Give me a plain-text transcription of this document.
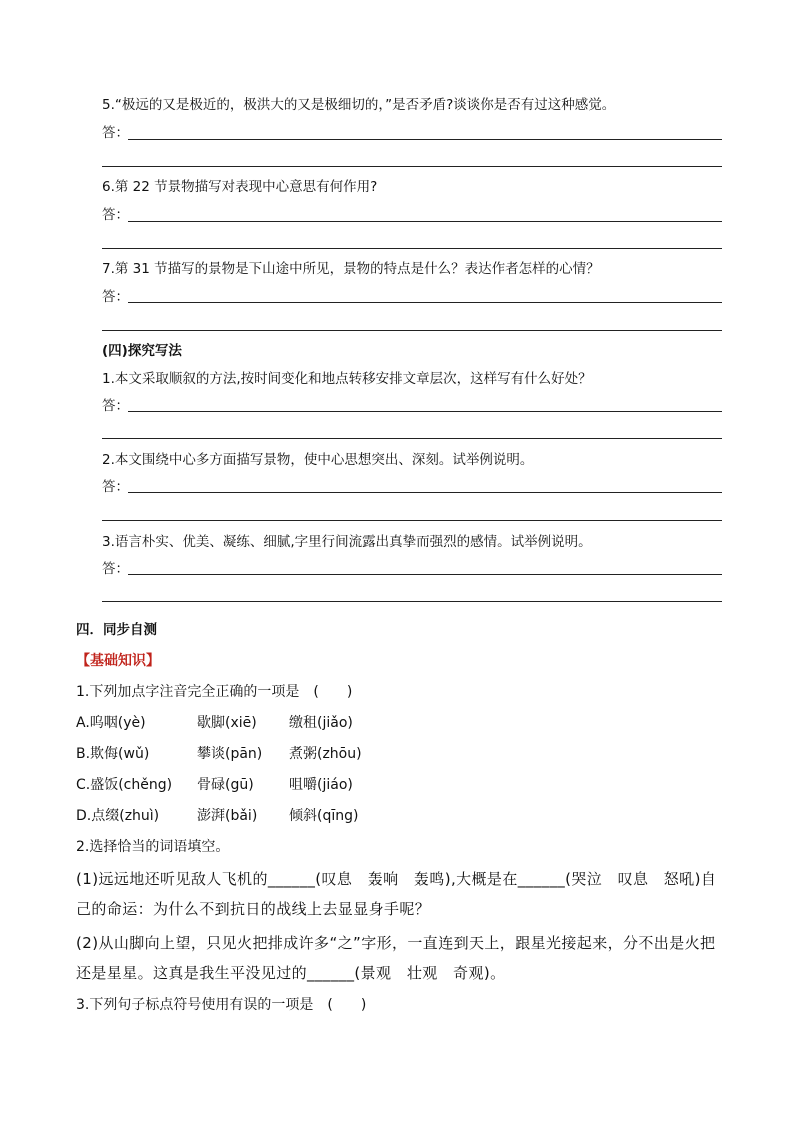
5.“极远的又是极近的，极洪大的又是极细切的，”是否矛盾?谈谈你是否有过这种感觉。
答：
6.第 22 节景物描写对表现中心意思有何作用?
答：
7.第 31 节描写的景物是下山途中所见，景物的特点是什么？表达作者怎样的心情？
答：
(四)探究写法
1.本文采取顺叙的方法,按时间变化和地点转移安排文章层次，这样写有什么好处？
答：
2.本文围绕中心多方面描写景物，使中心思想突出、深刻。试举例说明。
答：
3.语言朴实、优美、凝练、细腻,字里行间流露出真挚而强烈的感情。试举例说明。
答：
四．同步自测
【基础知识】
1.下列加点字注音完全正确的一项是　(　　)
A.呜咽(yè)	歇脚(xiē) 缴租(jiǎo)
B.欺侮(wǔ)	攀谈(pān) 煮粥(zhōu)
C.盛饭(chěng) 骨碌(gū)	咀嚼(jiáo)
D.点缀(zhuì)	澎湃(bǎi) 倾斜(qīng)
2.选择恰当的词语填空。
(1)远远地还听见敌人飞机的______(叹息　轰响　轰鸣),大概是在______(哭泣　叹息　怒吼)自己的命运：为什么不到抗日的战线上去显显身手呢？
(2)从山脚向上望，只见火把排成许多“之”字形，一直连到天上，跟星光接起来，分不出是火把还是星星。这真是我生平没见过的______(景观　壮观　奇观)。
3.下列句子标点符号使用有误的一项是　(　　)
